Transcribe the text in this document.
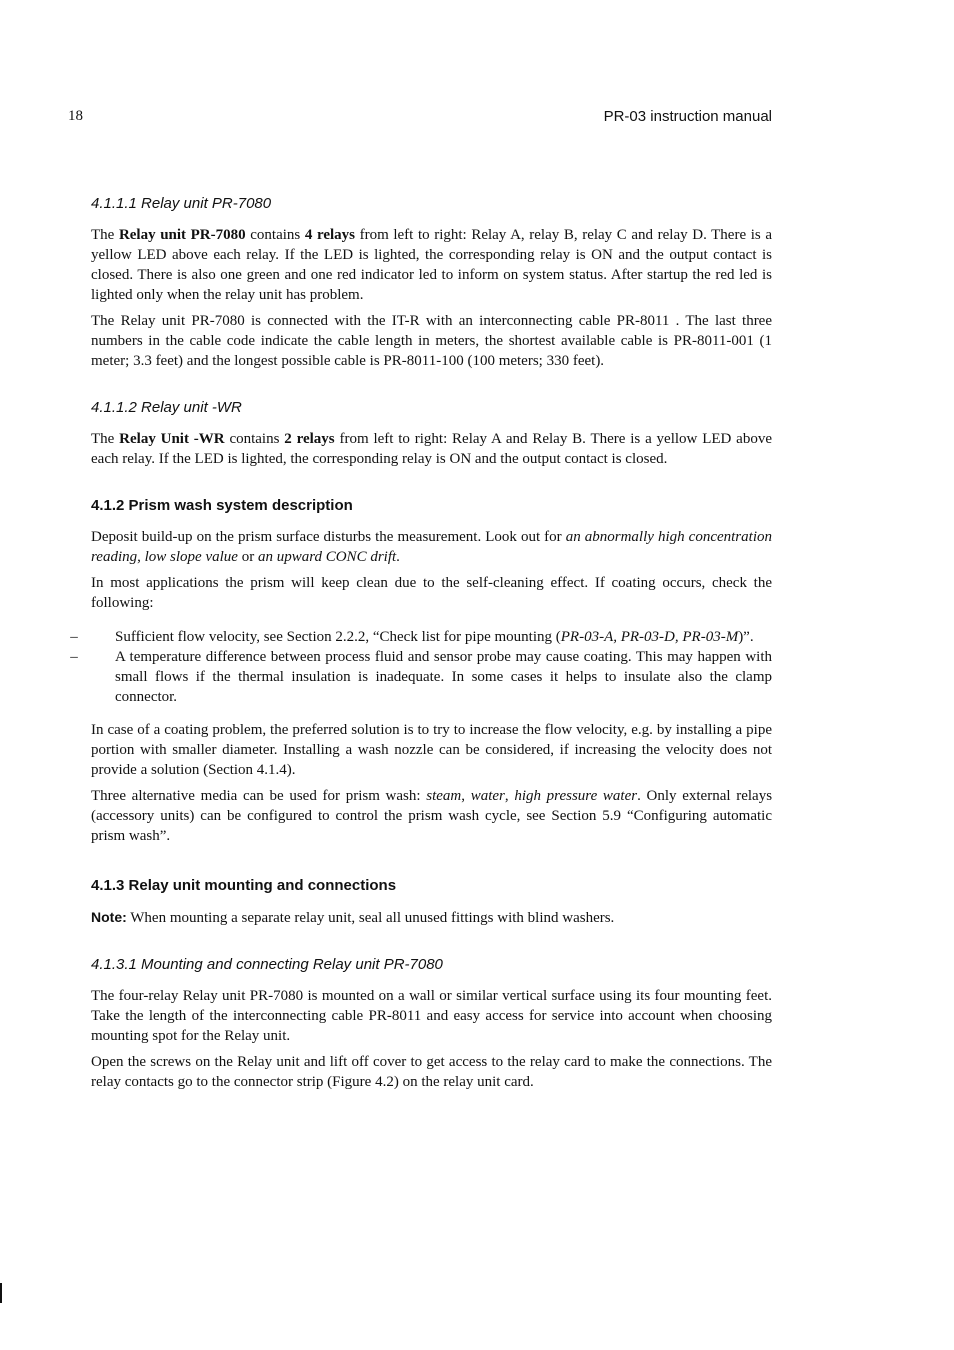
18	PR-03 instruction manual
4.1.1.1 Relay unit PR-7080

The Relay unit PR-7080 contains 4 relays from left to right: Relay A, relay B, relay C and relay D. There is a yellow LED above each relay. If the LED is lighted, the corresponding relay is ON and the output contact is closed. There is also one green and one red indicator led to inform on system status. After startup the red led is lighted only when the relay unit has problem.

The Relay unit PR-7080 is connected with the IT-R with an interconnecting cable PR-8011 . The last three numbers in the cable code indicate the cable length in meters, the shortest available cable is PR-8011-001 (1 meter; 3.3 feet) and the longest possible cable is PR-8011-100 (100 meters; 330 feet).

4.1.1.2 Relay unit -WR

The Relay Unit -WR contains 2 relays from left to right: Relay A and Relay B. There is a yellow LED above each relay. If the LED is lighted, the corresponding relay is ON and the output contact is closed.

4.1.2 Prism wash system description

Deposit build-up on the prism surface disturbs the measurement. Look out for an abnormally high concentration reading, low slope value or an upward CONC drift.

In most applications the prism will keep clean due to the self-cleaning effect. If coating occurs, check the following:

– Sufficient flow velocity, see Section 2.2.2, “Check list for pipe mounting (PR-03-A, PR-03-D, PR-03-M)”.
– A temperature difference between process fluid and sensor probe may cause coating. This may happen with small flows if the thermal insulation is inadequate. In some cases it helps to insulate also the clamp connector.

In case of a coating problem, the preferred solution is to try to increase the flow velocity, e.g. by installing a pipe portion with smaller diameter. Installing a wash nozzle can be considered, if increasing the velocity does not provide a solution (Section 4.1.4).

Three alternative media can be used for prism wash: steam, water, high pressure water. Only external relays (accessory units) can be configured to control the prism wash cycle, see Section 5.9 “Configuring automatic prism wash”.

4.1.3 Relay unit mounting and connections

Note: When mounting a separate relay unit, seal all unused fittings with blind washers.

4.1.3.1 Mounting and connecting Relay unit PR-7080

The four-relay Relay unit PR-7080 is mounted on a wall or similar vertical surface using its four mounting feet. Take the length of the interconnecting cable PR-8011 and easy access for service into account when choosing mounting spot for the Relay unit.

Open the screws on the Relay unit and lift off cover to get access to the relay card to make the connections. The relay contacts go to the connector strip (Figure 4.2) on the relay unit card.
